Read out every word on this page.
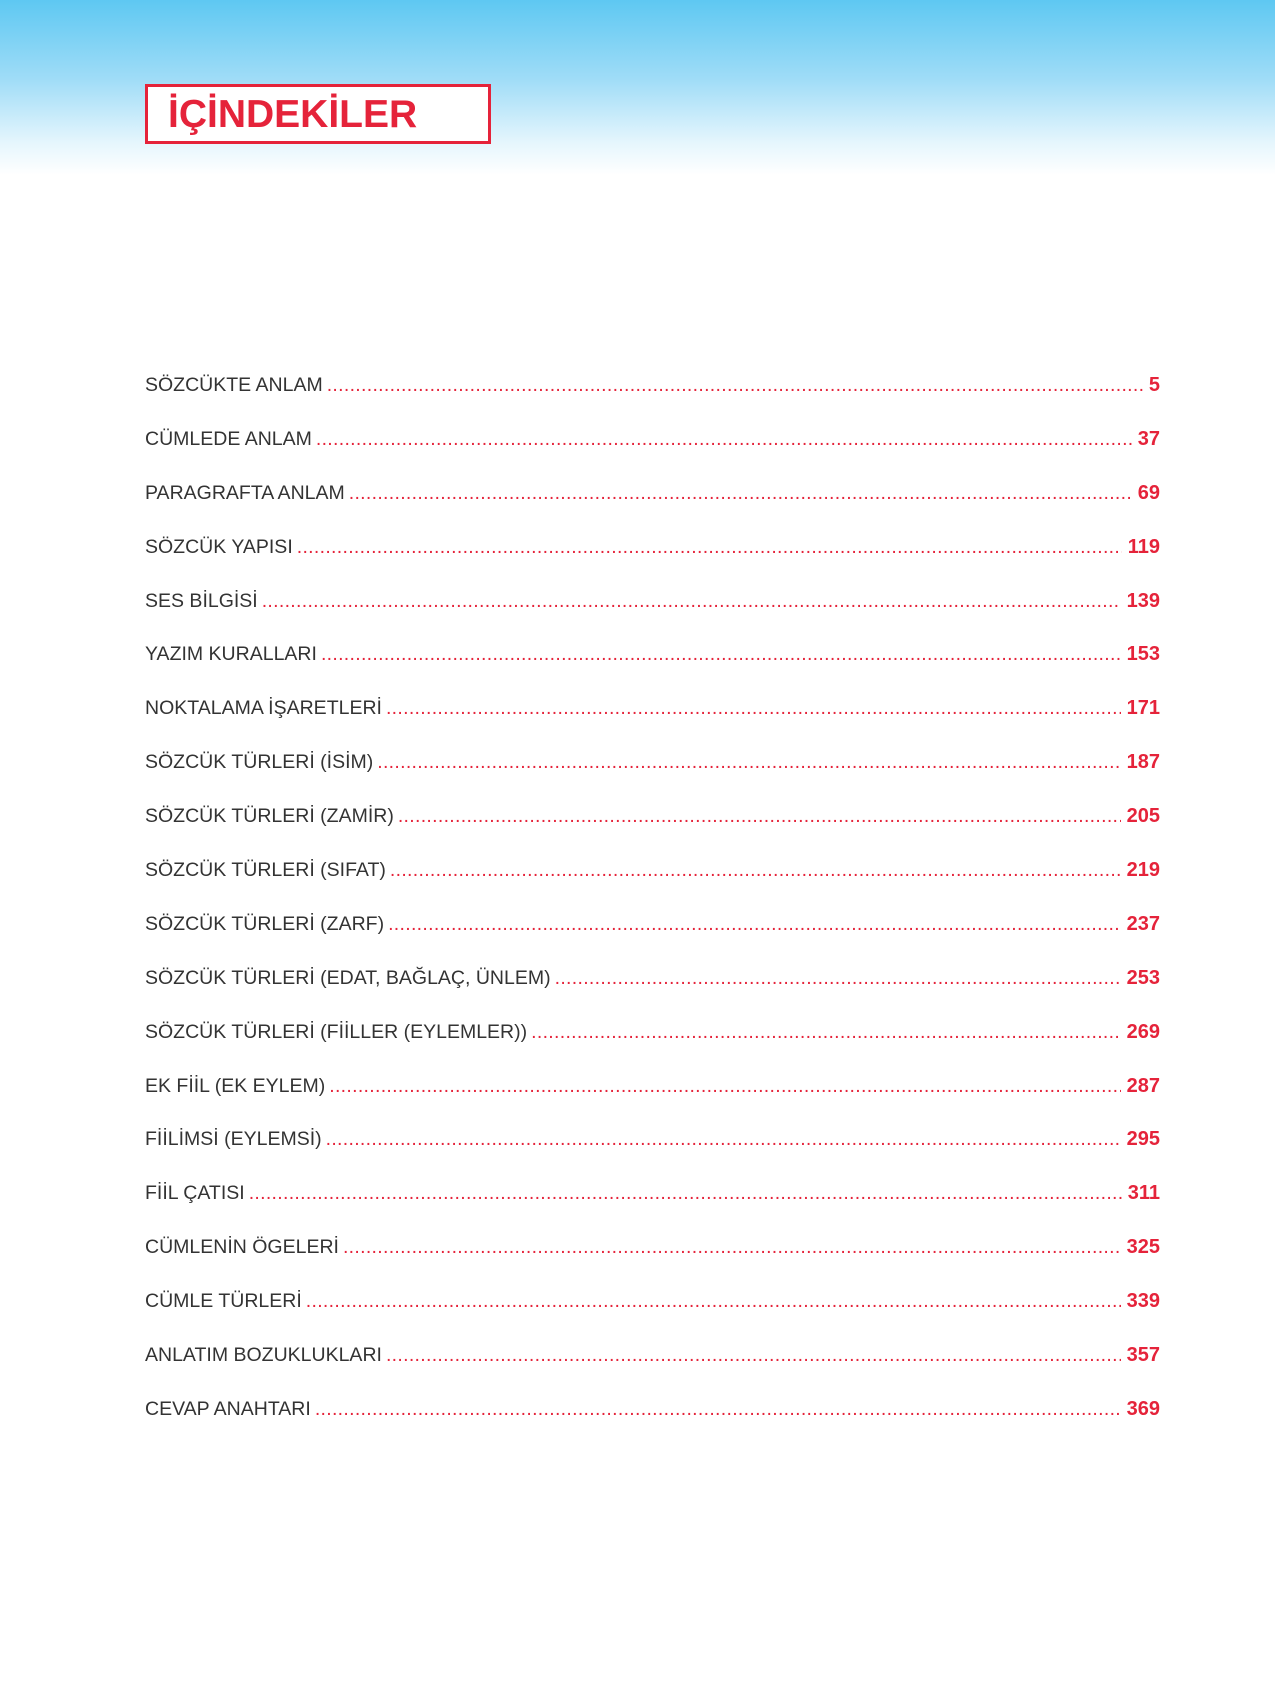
İÇİNDEKİLER
SÖZCÜKTE ANLAM .....	5
CÜMLEDE ANLAM .....	37
PARAGRAFTA ANLAM .....	69
SÖZCÜK YAPISI .....	119
SES BİLGİSİ .....	139
YAZIM KURALLARI .....	153
NOKTALAMA İŞARETLERİ .....	171
SÖZCÜK TÜRLERİ (İSİM) .....	187
SÖZCÜK TÜRLERİ (ZAMİR) .....	205
SÖZCÜK TÜRLERİ (SIFAT) .....	219
SÖZCÜK TÜRLERİ (ZARF) .....	237
SÖZCÜK TÜRLERİ (EDAT, BAĞLAÇ, ÜNLEM) .....	253
SÖZCÜK TÜRLERİ (FİİLLER (EYLEMLER)) .....	269
EK FİİL (EK EYLEM) .....	287
FİİLİMSİ (EYLEMSİ) .....	295
FİİL ÇATISI .....	311
CÜMLENİN ÖGELERİ .....	325
CÜMLE TÜRLERİ .....	339
ANLATIM BOZUKLUKLARI .....	357
CEVAP ANAHTARI .....	369
